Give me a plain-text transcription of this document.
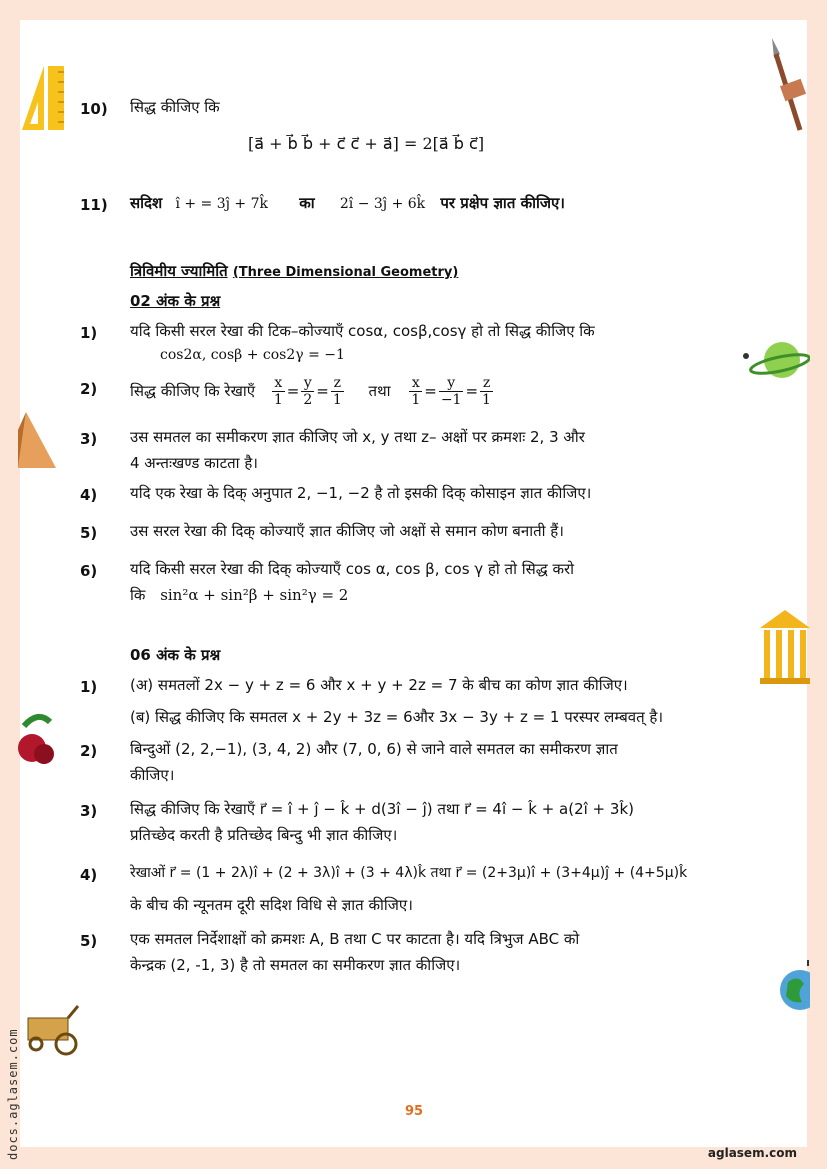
10) सिद्ध कीजिए कि
[a⃗ + b⃗ b⃗ + c⃗ c⃗ + a⃗] = 2[a⃗ b⃗ c⃗]
11) सदिश î + = 3ĵ + 7k̂ का 2î − 3ĵ + 6k̂ पर प्रक्षेप ज्ञात कीजिए।
त्रिविमीय ज्यामिति (Three Dimensional Geometry)
02 अंक के प्रश्न
1) यदि किसी सरल रेखा की टिक–कोज्याएँ cosα, cosβ,cosγ हो तो सिद्ध कीजिए कि
cos2α, cosβ + cos2γ = −1
2) सिद्ध कीजिए कि रेखाएँ $\frac{x}{1} = \frac{y}{2} = \frac{z}{1}$ तथा $\frac{x}{1} = \frac{y}{-1} = \frac{z}{1}$
3) उस समतल का समीकरण ज्ञात कीजिए जो x, y तथा z– अक्षों पर क्रमशः 2, 3 और
4 अन्तःखण्ड काटता है।
4) यदि एक रेखा के दिक् अनुपात 2, −1, −2 है तो इसकी दिक् कोसाइन ज्ञात कीजिए।
5) उस सरल रेखा की दिक् कोज्याएँ ज्ञात कीजिए जो अक्षों से समान कोण बनाती हैं।
6) यदि किसी सरल रेखा की दिक् कोज्याएँ cos α, cos β, cos γ हो तो सिद्ध करो
कि sin²α + sin²β + sin²γ = 2
06 अंक के प्रश्न
1) (अ) समतलों 2x − y + z = 6 और x + y + 2z = 7 के बीच का कोण ज्ञात कीजिए।
(ब) सिद्ध कीजिए कि समतल x + 2y + 3z = 6और 3x − 3y + z = 1 परस्पर लम्बवत् है।
2) बिन्दुओं (2, 2,−1), (3, 4, 2) और (7, 0, 6) से जाने वाले समतल का समीकरण ज्ञात
कीजिए।
3) सिद्ध कीजिए कि रेखाएँ r⃗ = î + ĵ − k̂ + d(3î − ĵ) तथा r⃗ = 4î − k̂ + a(2î + 3k̂)
प्रतिच्छेद करती है प्रतिच्छेद बिन्दु भी ज्ञात कीजिए।
4) रेखाओं r⃗ = (1 + 2λ)î + (2 + 3λ)î + (3 + 4λ)k̂ तथा r⃗ = (2+3μ)î + (3+4μ)ĵ + (4+5μ)k̂
के बीच की न्यूनतम दूरी सदिश विधि से ज्ञात कीजिए।
5) एक समतल निर्देशाक्षों को क्रमशः A, B तथा C पर काटता है। यदि त्रिभुज ABC को
केन्द्रक (2, -1, 3) है तो समतल का समीकरण ज्ञात कीजिए।
95
aglasem.com
docs.aglasem.com
